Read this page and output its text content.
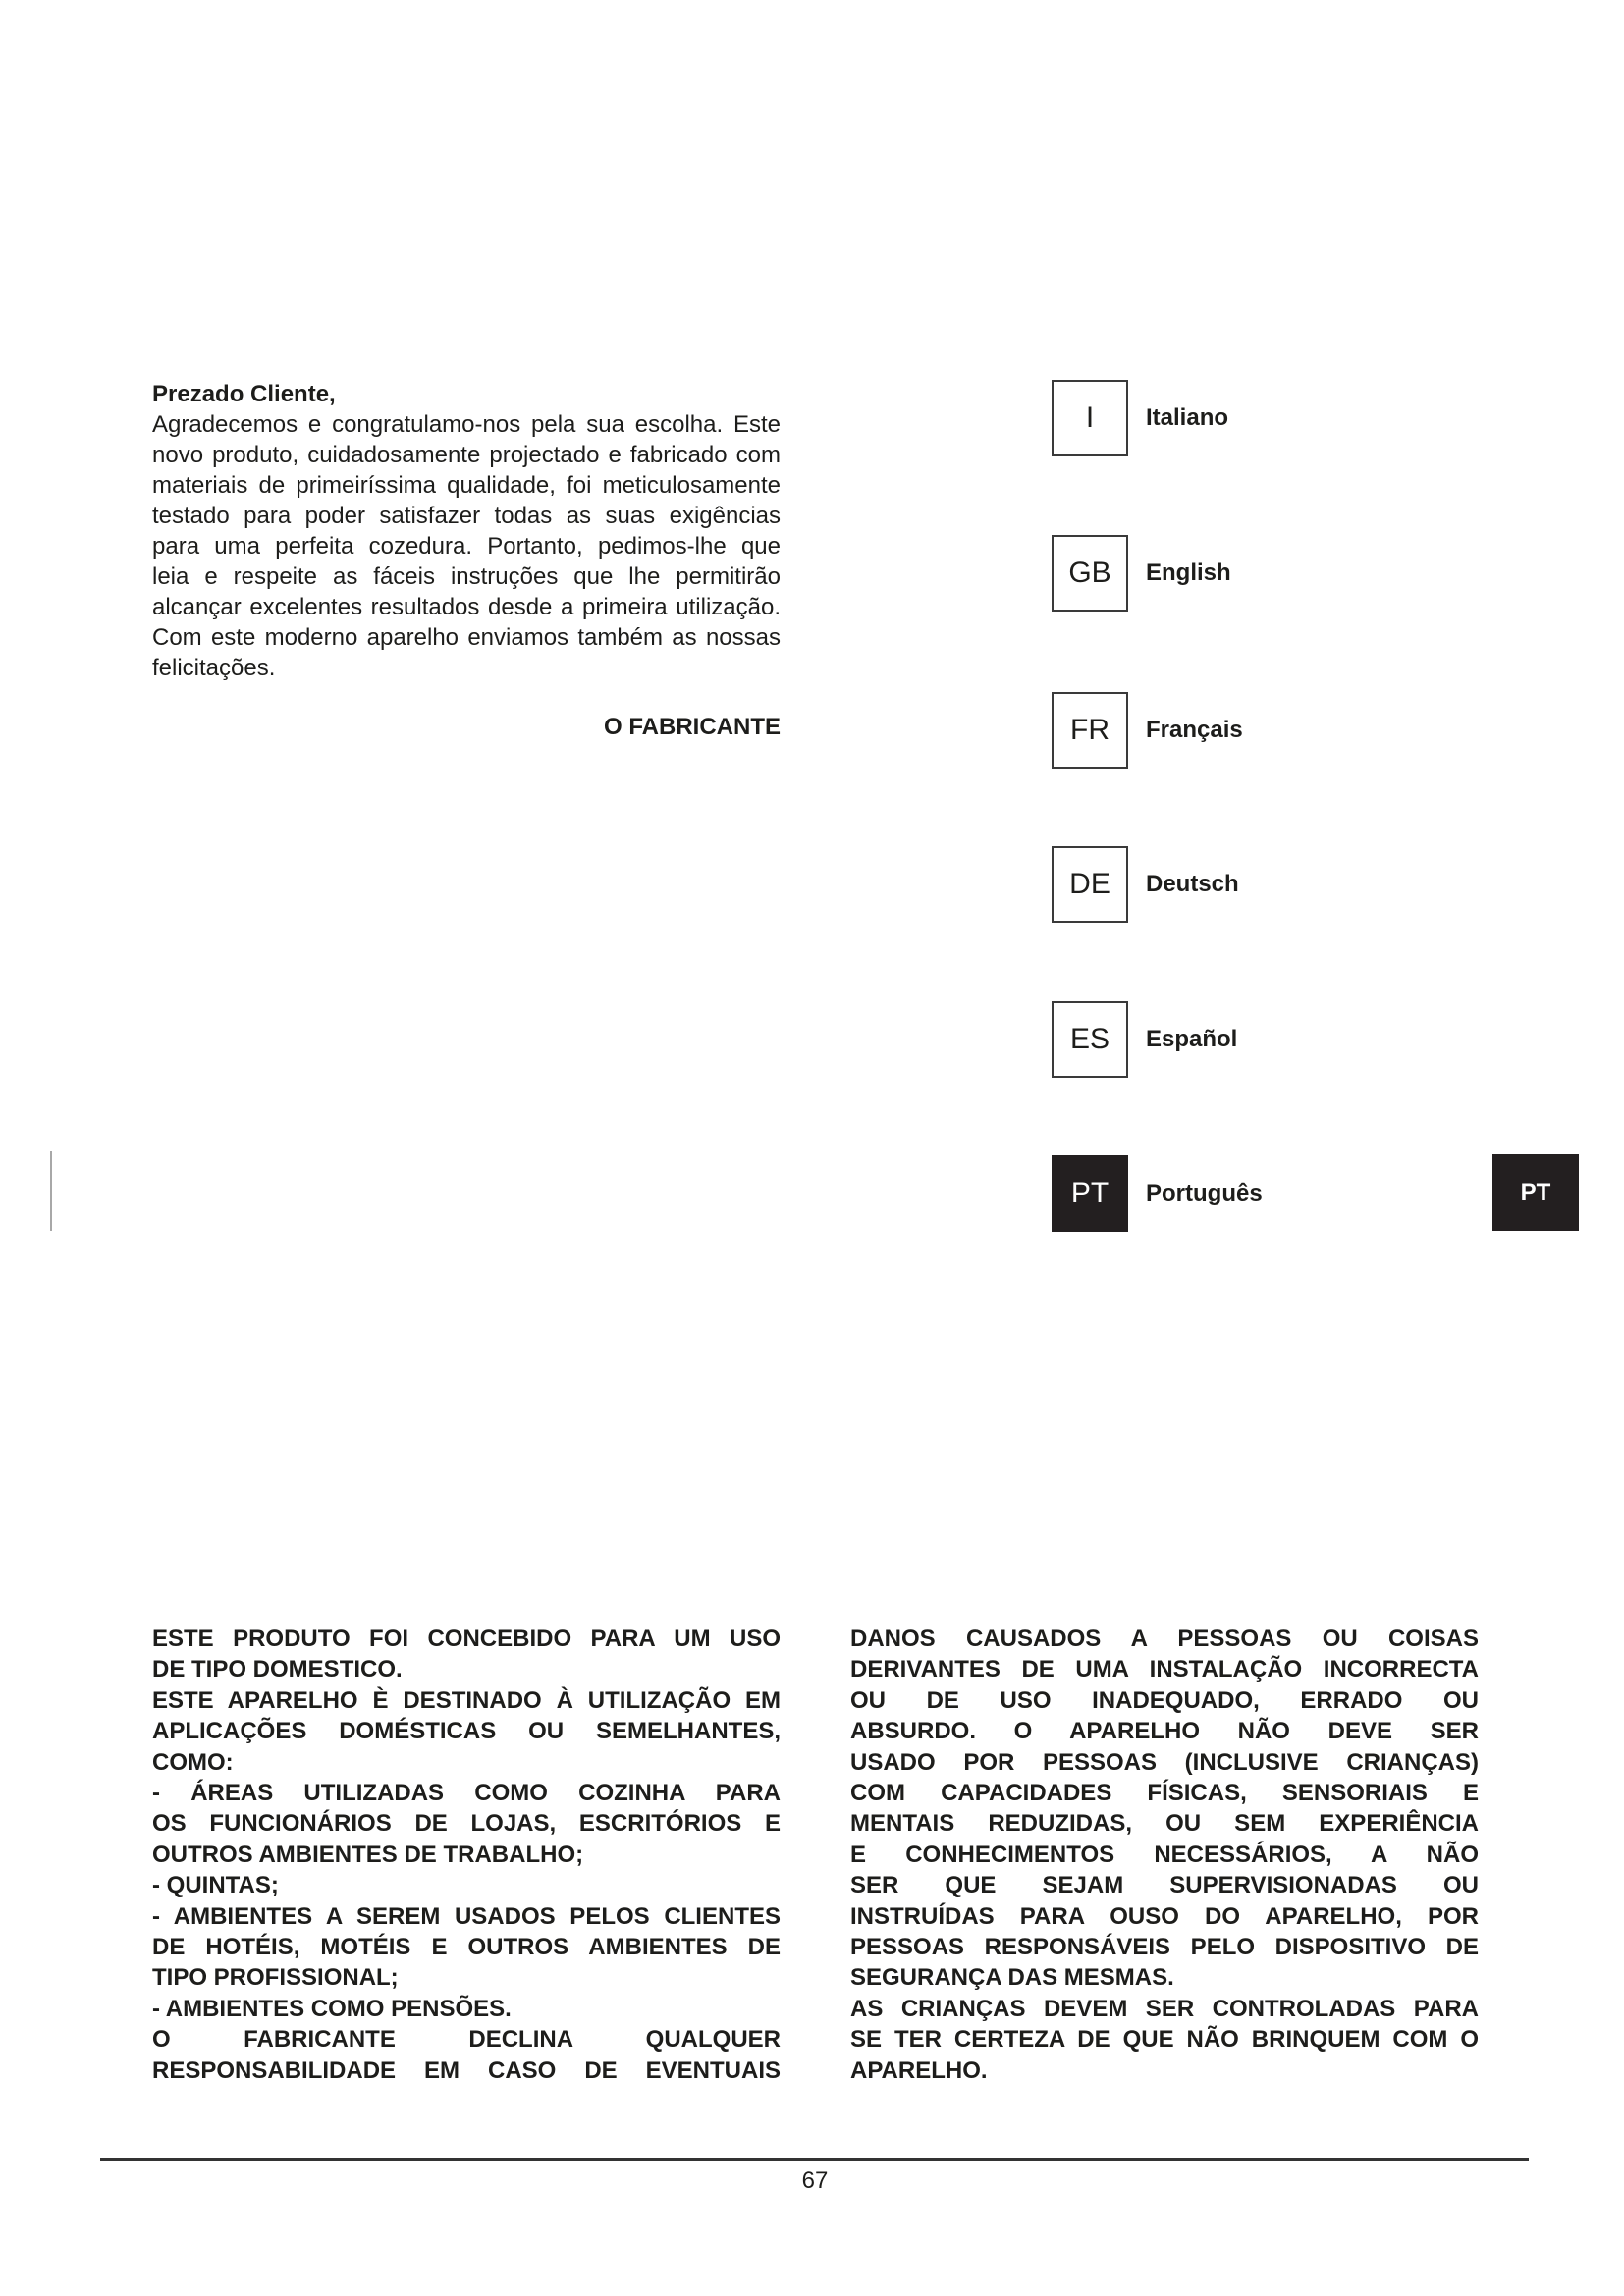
Prezado Cliente,
Agradecemos e congratulamo-nos pela sua escolha. Este
novo produto, cuidadosamente projectado e fabricado com
materiais de primeiríssima qualidade, foi meticulosamente
testado para poder satisfazer todas as suas exigências
para uma perfeita cozedura. Portanto, pedimos-lhe que
leia e respeite as fáceis instruções que lhe permitirão
alcançar excelentes resultados desde a primeira utilização.
Com este moderno aparelho enviamos também as nossas
felicitações.
O FABRICANTE
I	Italiano
GB	English
FR	Français
DE	Deutsch
ES	Español
PT	Português	PT
ESTE PRODUTO FOI CONCEBIDO PARA UM USO
DE TIPO DOMESTICO.
ESTE APARELHO È DESTINADO À UTILIZAÇÃO EM
APLICAÇÕES DOMÉSTICAS OU SEMELHANTES,
COMO:
- ÁREAS UTILIZADAS COMO COZINHA PARA
OS FUNCIONÁRIOS DE LOJAS, ESCRITÓRIOS E
OUTROS AMBIENTES DE TRABALHO;
- QUINTAS;
- AMBIENTES A SEREM USADOS PELOS CLIENTES
DE HOTÉIS, MOTÉIS E OUTROS AMBIENTES DE
TIPO PROFISSIONAL;
- AMBIENTES COMO PENSÕES.
O FABRICANTE DECLINA QUALQUER
RESPONSABILIDADE EM CASO DE EVENTUAIS
DANOS CAUSADOS A PESSOAS OU COISAS
DERIVANTES DE UMA INSTALAÇÃO INCORRECTA
OU DE USO INADEQUADO, ERRADO OU
ABSURDO. O APARELHO NÃO DEVE SER
USADO POR PESSOAS (INCLUSIVE CRIANÇAS)
COM CAPACIDADES FÍSICAS, SENSORIAIS E
MENTAIS REDUZIDAS, OU SEM EXPERIÊNCIA
E CONHECIMENTOS NECESSÁRIOS, A NÃO
SER QUE SEJAM SUPERVISIONADAS OU
INSTRUÍDAS PARA OUSO DO APARELHO, POR
PESSOAS RESPONSÁVEIS PELO DISPOSITIVO DE
SEGURANÇA DAS MESMAS.
AS CRIANÇAS DEVEM SER CONTROLADAS PARA
SE TER CERTEZA DE QUE NÃO BRINQUEM COM O
APARELHO.
67
